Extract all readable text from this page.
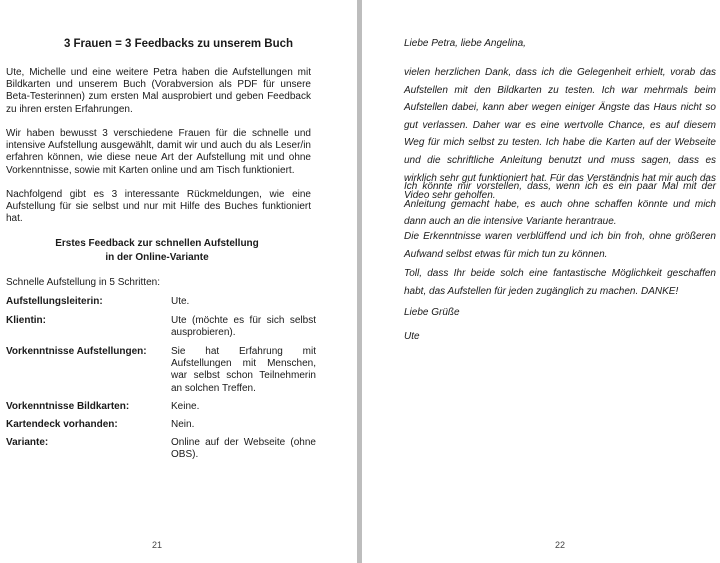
3 Frauen = 3 Feedbacks zu unserem Buch

Ute, Michelle und eine weitere Petra haben die Aufstellungen mit Bildkarten und unserem Buch (Vorabversion als PDF für unsere Beta-Testerinnen) zum ersten Mal ausprobiert und geben Feedback zu ihren ersten Erfahrungen.

Wir haben bewusst 3 verschiedene Frauen für die schnelle und intensive Aufstellung ausgewählt, damit wir und auch du als Leser/in erfahren können, wie diese neue Art der Aufstellung mit und ohne Vorkenntnisse, sowie mit Karten online und am Tisch funktioniert.

Nachfolgend gibt es 3 interessante Rückmeldungen, wie eine Aufstellung für sie selbst und nur mit Hilfe des Buches funktioniert hat.

Erstes Feedback zur schnellen Aufstellung
in der Online-Variante
Schnelle Aufstellung in 5 Schritten:
Aufstellungsleiterin:	Ute.
Klientin:	Ute (möchte es für sich selbst ausprobieren).
Vorkenntnisse Aufstellungen: Sie hat Erfahrung mit Aufstellungen mit Menschen, war selbst schon Teilnehmerin an solchen Treffen.
Vorkenntnisse Bildkarten:	Keine.
Kartendeck vorhanden:	Nein.
Variante:	Online auf der Webseite (ohne OBS).
21

Liebe Petra, liebe Angelina,

vielen herzlichen Dank, dass ich die Gelegenheit erhielt, vorab das Aufstellen mit den Bildkarten zu testen. Ich war mehrmals beim Aufstellen dabei, kann aber wegen einiger Ängste das Haus nicht so gut verlassen. Daher war es eine wertvolle Chance, es auf diesem Weg für mich selbst zu testen. Ich habe die Karten auf der Webseite und die schriftliche Anleitung benutzt und muss sagen, dass es wirklich sehr gut funktioniert hat. Für das Verständnis hat mir auch das Video sehr geholfen.

Ich könnte mir vorstellen, dass, wenn ich es ein paar Mal mit der Anleitung gemacht habe, es auch ohne schaffen könnte und mich dann auch an die intensive Variante herantraue.

Die Erkenntnisse waren verblüffend und ich bin froh, ohne größeren Aufwand selbst etwas für mich tun zu können.

Toll, dass Ihr beide solch eine fantastische Möglichkeit geschaffen habt, das Aufstellen für jeden zugänglich zu machen. DANKE!

Liebe Grüße

Ute

22
